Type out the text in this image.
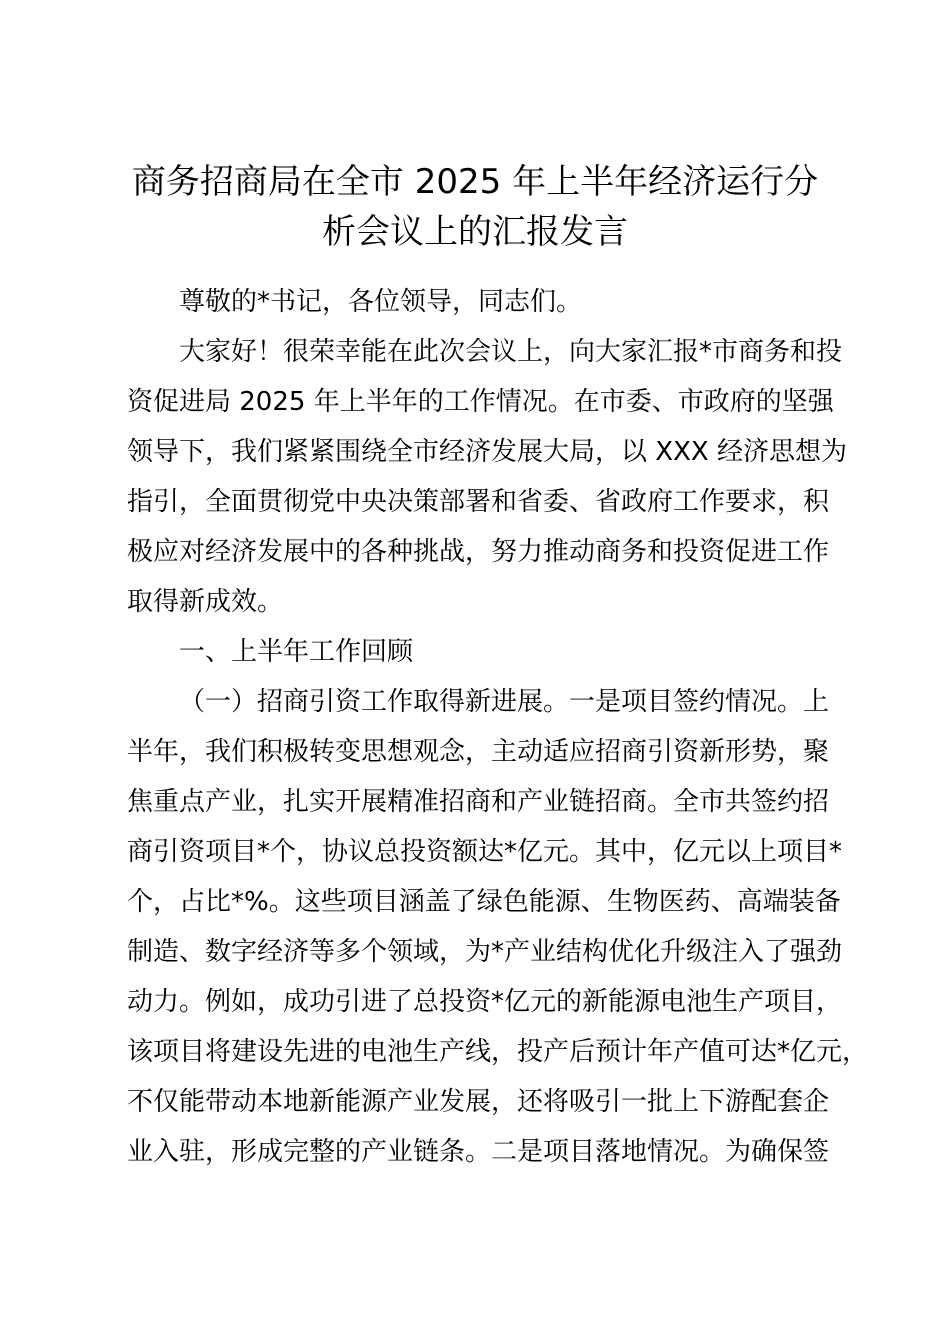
商务招商局在全市 2025 年上半年经济运行分
析会议上的汇报发言
尊敬的*书记，各位领导，同志们。
大家好！很荣幸能在此次会议上，向大家汇报*市商务和投
资促进局 2025 年上半年的工作情况。在市委、市政府的坚强
领导下，我们紧紧围绕全市经济发展大局，以 XXX 经济思想为
指引，全面贯彻党中央决策部署和省委、省政府工作要求，积
极应对经济发展中的各种挑战，努力推动商务和投资促进工作
取得新成效。
一、上半年工作回顾
（一）招商引资工作取得新进展。一是项目签约情况。上
半年，我们积极转变思想观念，主动适应招商引资新形势，聚
焦重点产业，扎实开展精准招商和产业链招商。全市共签约招
商引资项目*个，协议总投资额达*亿元。其中，亿元以上项目*
个，占比*%。这些项目涵盖了绿色能源、生物医药、高端装备
制造、数字经济等多个领域，为*产业结构优化升级注入了强劲
动力。例如，成功引进了总投资*亿元的新能源电池生产项目，
该项目将建设先进的电池生产线，投产后预计年产值可达*亿元，
不仅能带动本地新能源产业发展，还将吸引一批上下游配套企
业入驻，形成完整的产业链条。二是项目落地情况。为确保签
